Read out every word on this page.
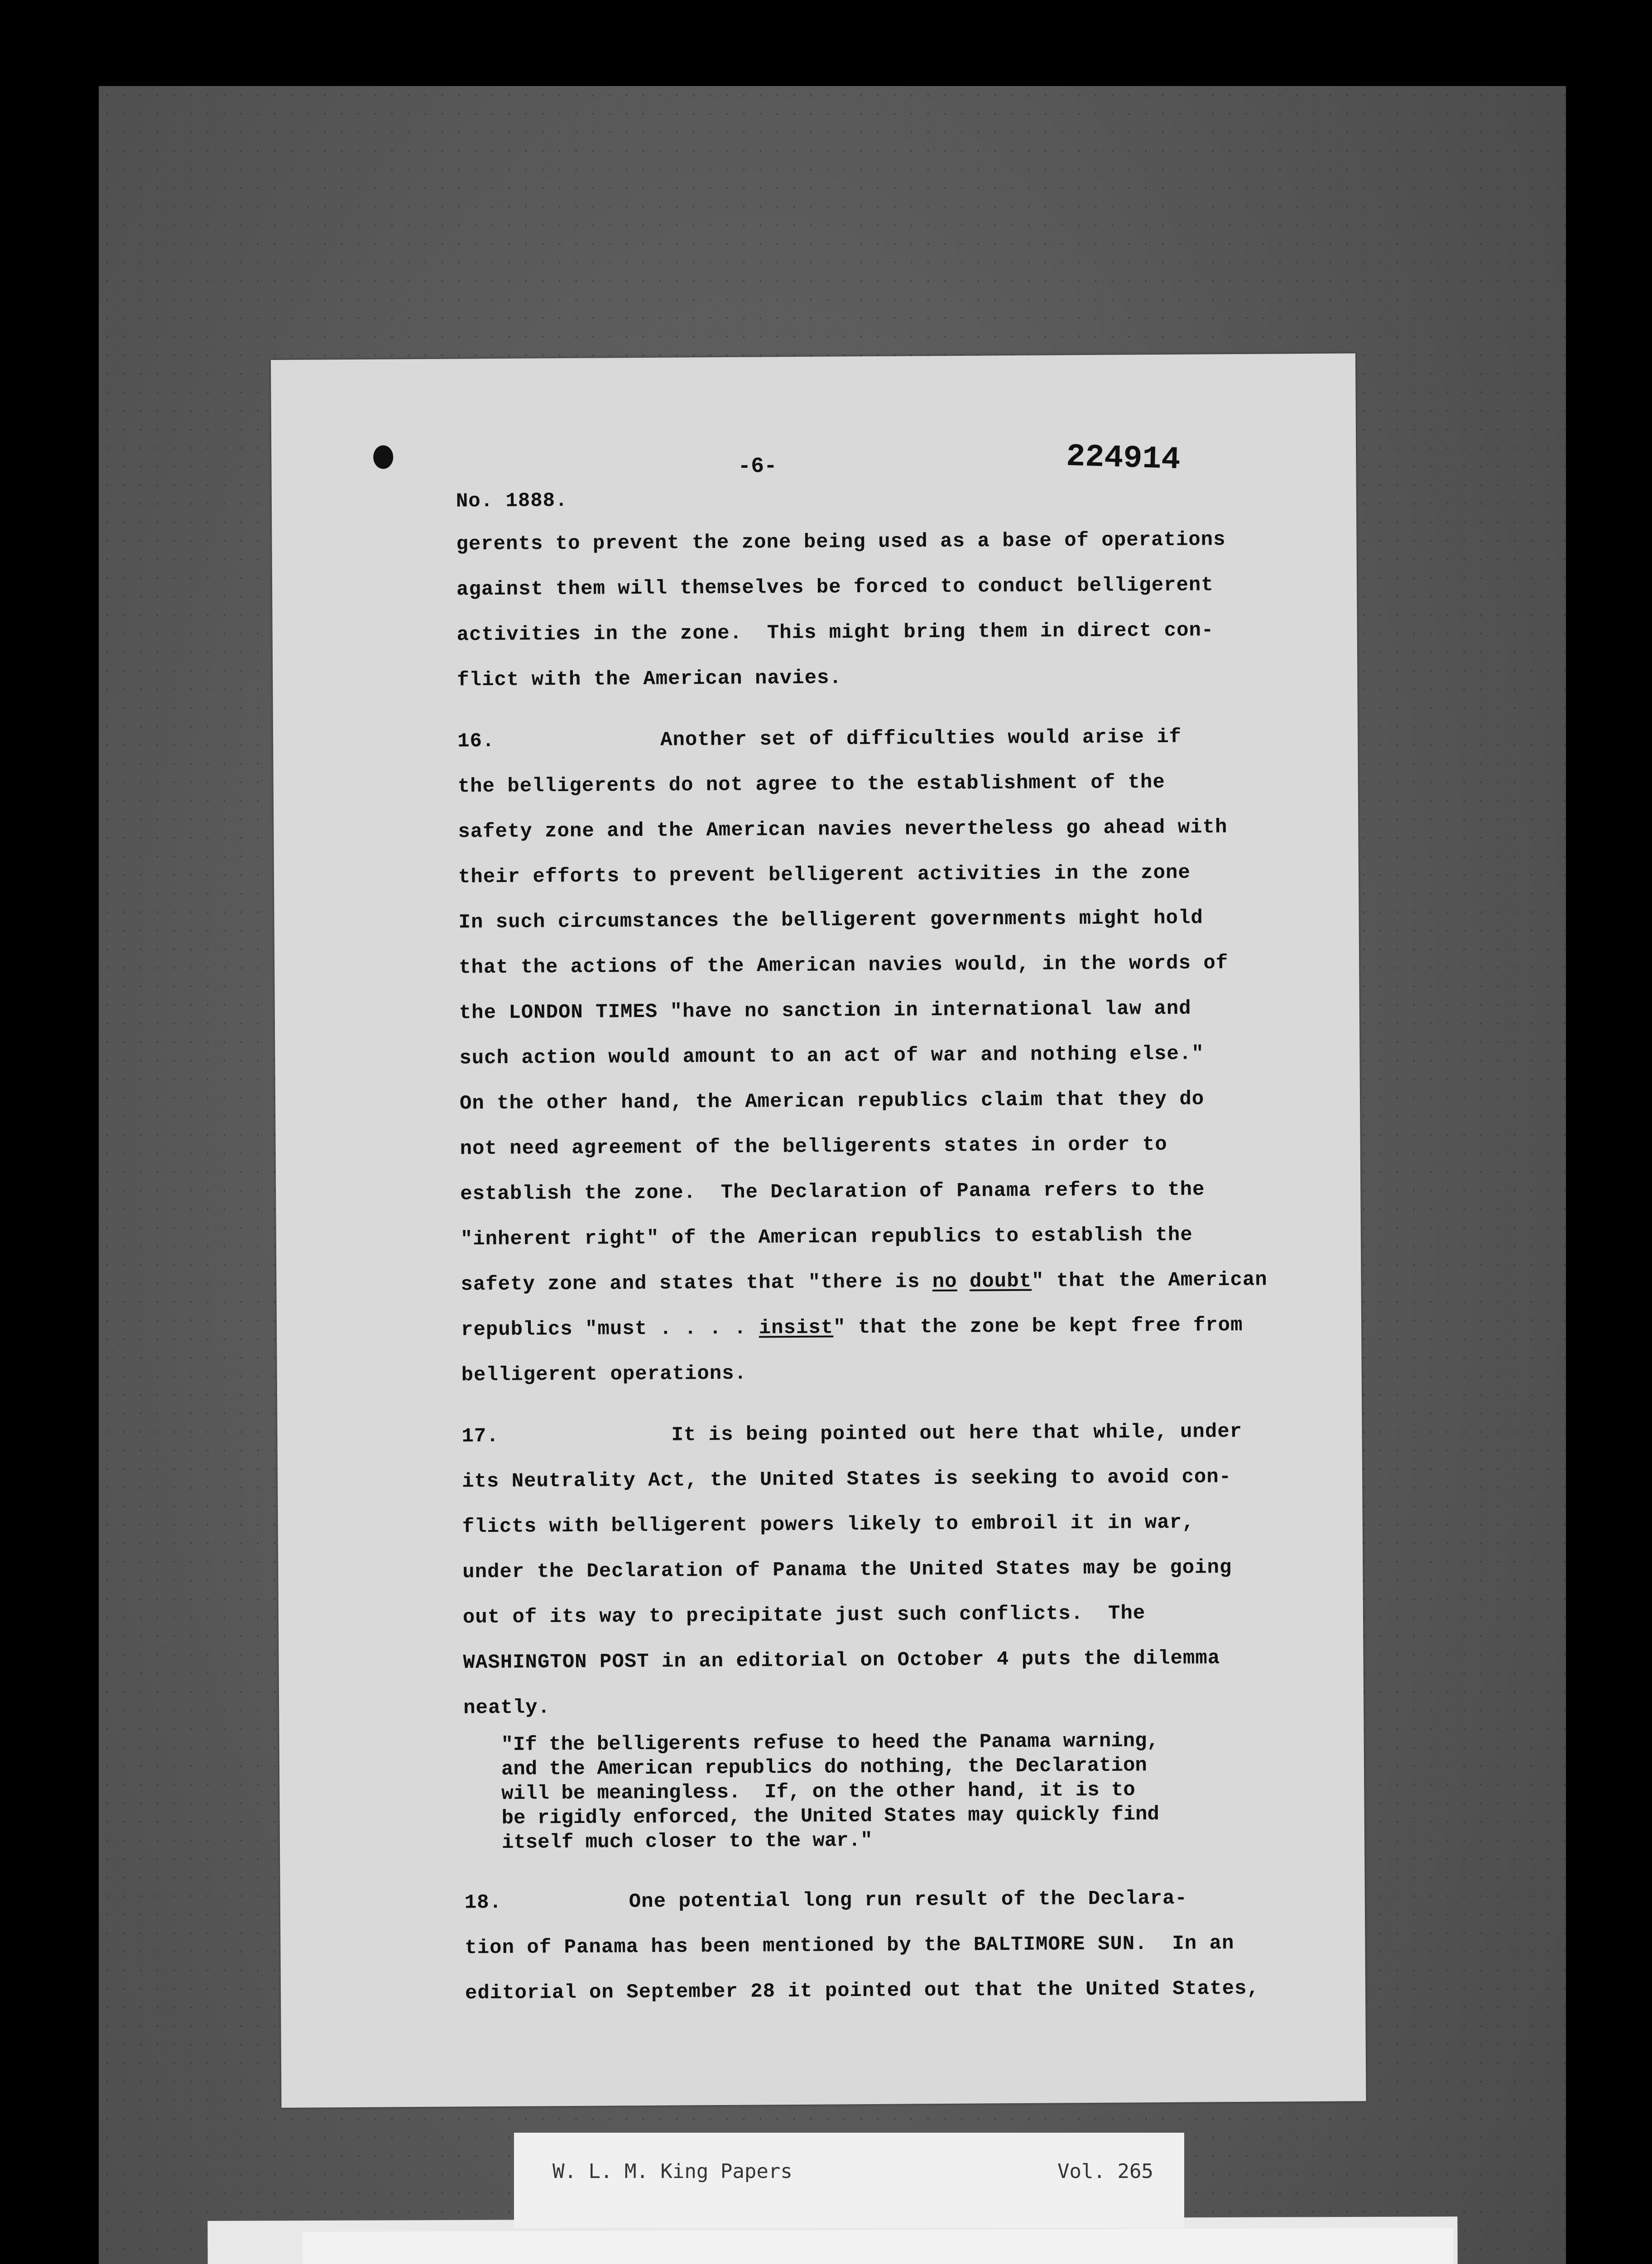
-6-	224914
No. 1888.
gerents to prevent the zone being used as a base of operations
against them will themselves be forced to conduct belligerent
activities in the zone.  This might bring them in direct con-
flict with the American navies.
16.	Another set of difficulties would arise if
the belligerents do not agree to the establishment of the
safety zone and the American navies nevertheless go ahead with
their efforts to prevent belligerent activities in the zone
In such circumstances the belligerent governments might hold
that the actions of the American navies would, in the words of
the LONDON TIMES "have no sanction in international law and
such action would amount to an act of war and nothing else."
On the other hand, the American republics claim that they do
not need agreement of the belligerents states in order to
establish the zone.  The Declaration of Panama refers to the
"inherent right" of the American republics to establish the
safety zone and states that "there is no doubt" that the American
republics "must . . . . insist" that the zone be kept free from
belligerent operations.
17.	It is being pointed out here that while, under
its Neutrality Act, the United States is seeking to avoid con-
flicts with belligerent powers likely to embroil it in war,
under the Declaration of Panama the United States may be going
out of its way to precipitate just such conflicts.  The
WASHINGTON POST in an editorial on October 4 puts the dilemma
neatly.
"If the belligerents refuse to heed the Panama warning,
and the American republics do nothing, the Declaration
will be meaningless.  If, on the other hand, it is to
be rigidly enforced, the United States may quickly find
itself much closer to the war."
18.	One potential long run result of the Declara-
tion of Panama has been mentioned by the BALTIMORE SUN.  In an
editorial on September 28 it pointed out that the United States,
W. L. M. King Papers	Vol. 265
